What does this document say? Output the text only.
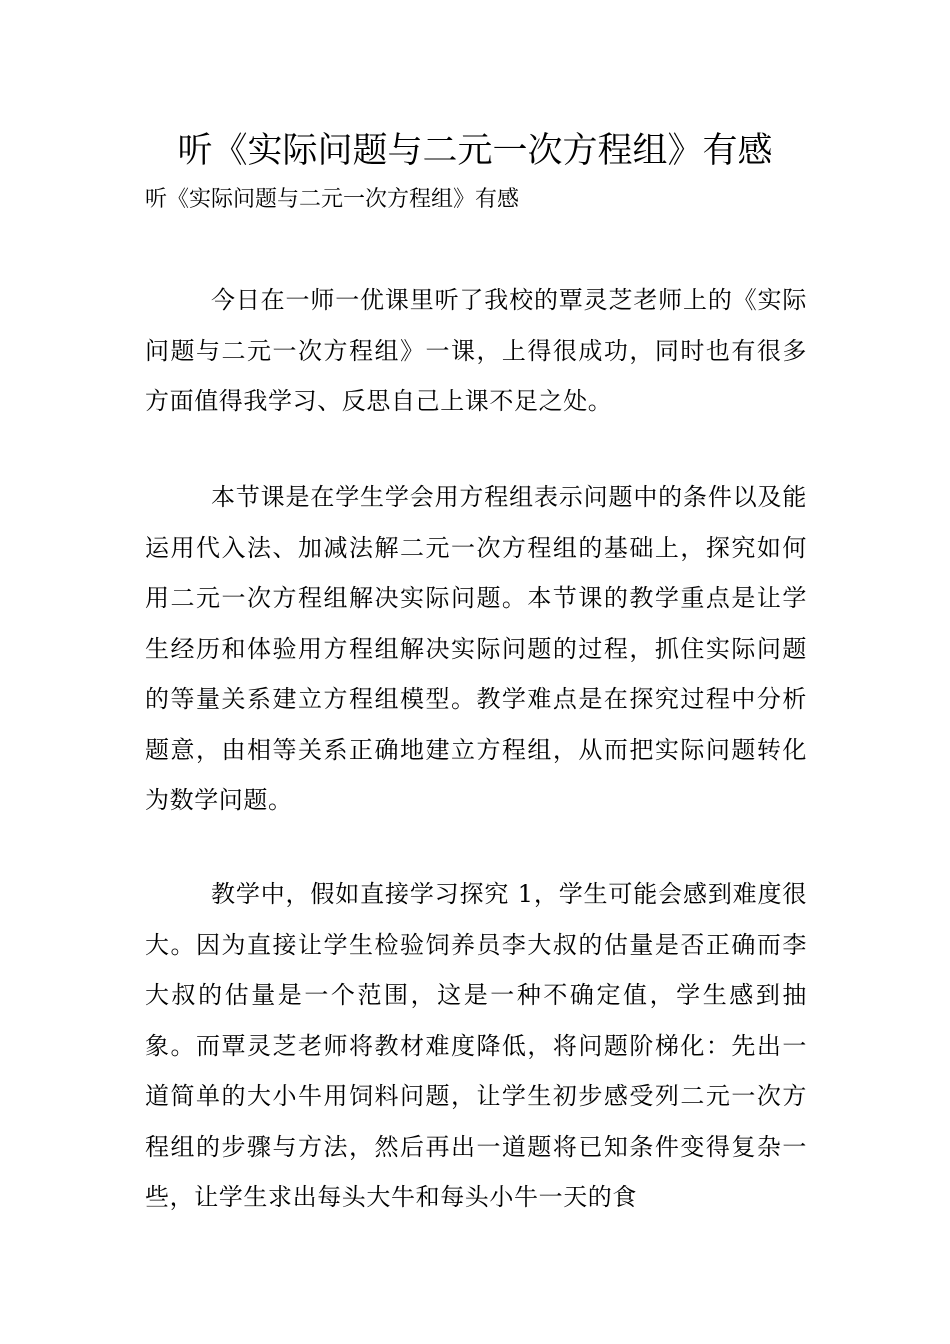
听《实际问题与二元一次方程组》有感

听《实际问题与二元一次方程组》有感

今日在一师一优课里听了我校的覃灵芝老师上的《实际问题与二元一次方程组》一课，上得很成功，同时也有很多方面值得我学习、反思自己上课不足之处。

本节课是在学生学会用方程组表示问题中的条件以及能运用代入法、加减法解二元一次方程组的基础上，探究如何用二元一次方程组解决实际问题。本节课的教学重点是让学生经历和体验用方程组解决实际问题的过程，抓住实际问题的等量关系建立方程组模型。教学难点是在探究过程中分析题意，由相等关系正确地建立方程组，从而把实际问题转化为数学问题。

教学中，假如直接学习探究 1，学生可能会感到难度很大。因为直接让学生检验饲养员李大叔的估量是否正确而李大叔的估量是一个范围，这是一种不确定值，学生感到抽象。而覃灵芝老师将教材难度降低，将问题阶梯化：先出一道简单的大小牛用饲料问题，让学生初步感受列二元一次方程组的步骤与方法，然后再出一道题将已知条件变得复杂一些，让学生求出每头大牛和每头小牛一天的食
